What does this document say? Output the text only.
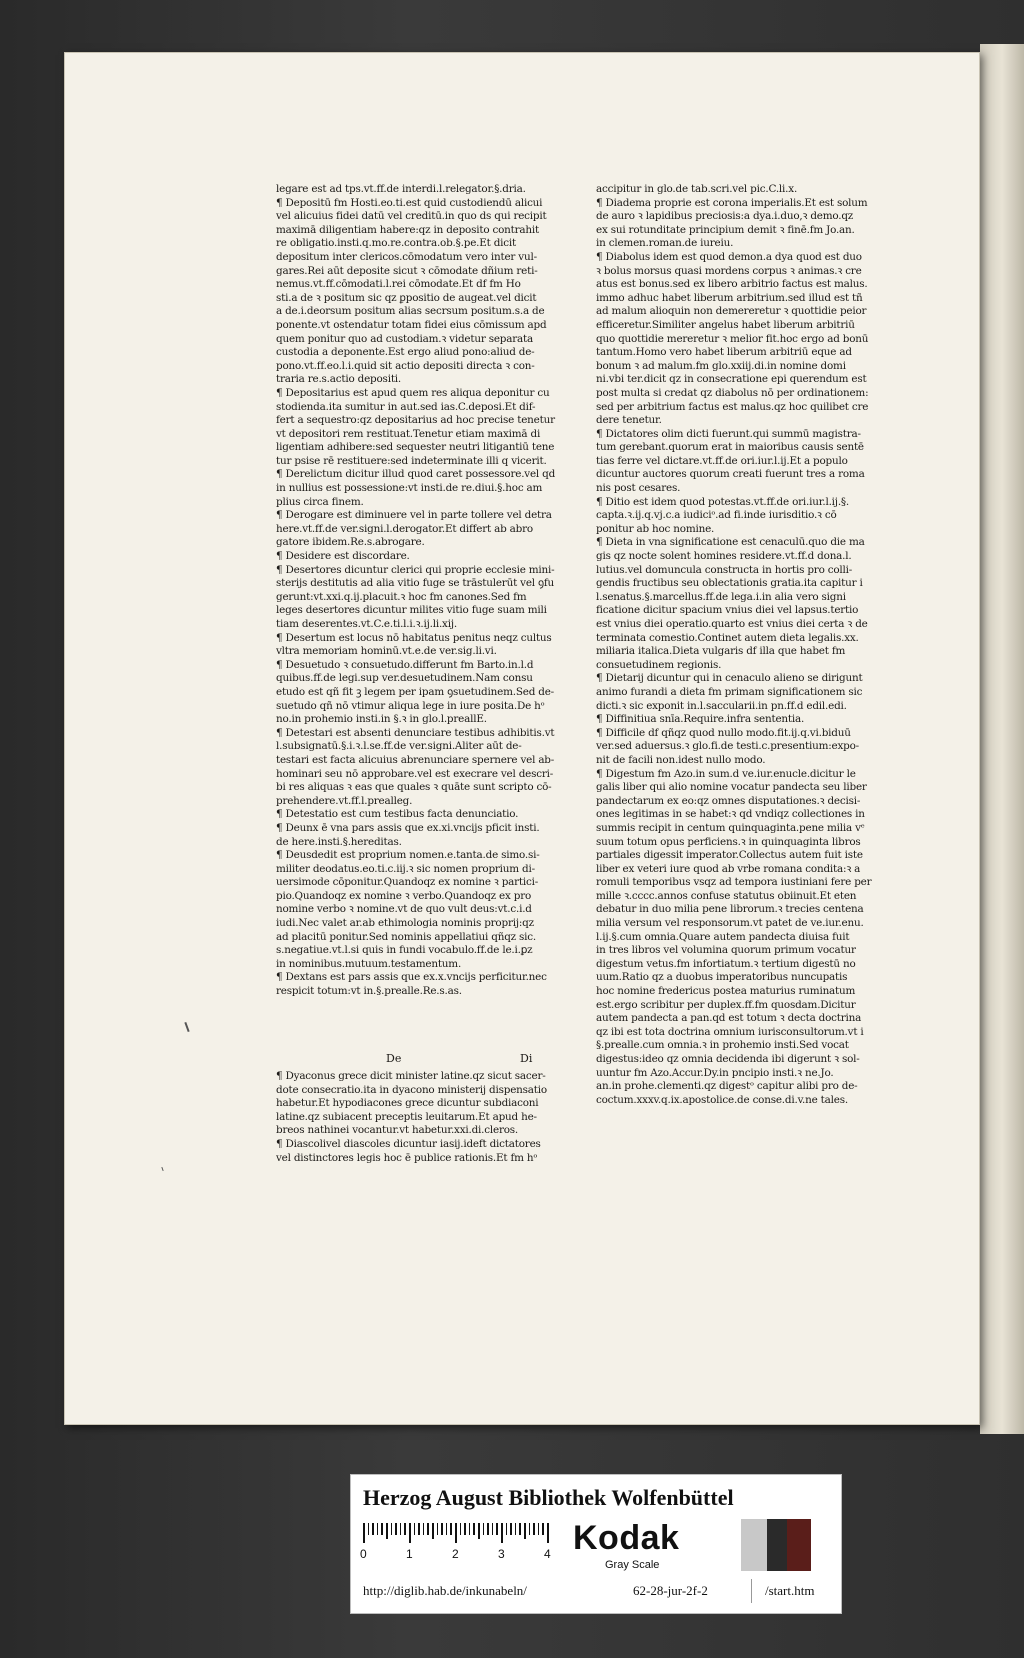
legare est ad tps.vt.ff.de interdi.l.relegator.§.dria.
¶ Depositū fm Hosti.eo.ti.est quid custodiendū alicui
vel alicuius fidei datū vel creditū.in quo ds qui recipit
maximā diligentiam habere:qz in deposito contrahit
re obligatio.insti.q.mo.re.contra.ob.§.pe.Et dicit
depositum inter clericos.cōmodatum vero inter vul-
gares.Rei aūt deposite sicut ꝛ cōmodate dñium reti-
nemus.vt.ff.cōmodati.l.rei cōmodate.Et df fm Ho
sti.a de ꝛ positum sic qz ꝑpositio de augeat.vel dicit
a de.i.deorsum positum alias secrsum positum.s.a de
ponente.vt ostendatur totam fidei eius cōmissum apd
quem ponitur quo ad custodiam.ꝛ videtur separata
custodia a deponente.Est ergo aliud pono:aliud de-
pono.vt.ff.eo.l.i.quid sit actio depositi directa ꝛ con-
traria re.s.actio depositi.
¶ Depositarius est apud quem res aliqua deponitur cu
stodienda.ita sumitur in aut.sed ias.C.deposi.Et dif-
fert a sequestro:qz depositarius ad hoc precise tenetur
vt depositori rem restituat.Tenetur etiam maximā di
ligentiam adhibere:sed sequester neutri litigantiū tene
tur psise rē restituere:sed indeterminate illi q vicerit.
¶ Derelictum dicitur illud quod caret possessore.vel qd
in nullius est possessione:vt insti.de re.diui.§.hoc am
plius circa finem.
¶ Derogare est diminuere vel in parte tollere vel detra
here.vt.ff.de ver.signi.l.derogator.Et differt ab abro
gatore ibidem.Re.s.abrogare.
¶ Desidere est discordare.
¶ Desertores dicuntur clerici qui proprie ecclesie mini-
sterijs destitutis ad alia vitio fuge se trāstulerūt vel ꝯfu
gerunt:vt.xxi.q.ij.placuit.ꝛ hoc fm canones.Sed fm
leges desertores dicuntur milites vitio fuge suam mili
tiam deserentes.vt.C.e.ti.l.i.ꝛ.ij.li.xij.
¶ Desertum est locus nō habitatus penitus neqz cultus
vltra memoriam hominū.vt.e.de ver.sig.li.vi.
¶ Desuetudo ꝛ consuetudo.differunt fm Barto.in.l.d
quibus.ff.de legi.sup ver.desuetudinem.Nam consu
etudo est qñ fit ꝫ legem per ipam ꝯsuetudinem.Sed de-
suetudo qñ nō vtimur aliqua lege in iure posita.De hᵒ
no.in prohemio insti.in §.ꝛ in glo.l.preallE.
¶ Detestari est absenti denunciare testibus adhibitis.vt
l.subsignatū.§.i.ꝛ.l.se.ff.de ver.signi.Aliter aūt de-
testari est facta alicuius abrenunciare spernere vel ab-
hominari seu nō approbare.vel est execrare vel descri-
bi res aliquas ꝛ eas que quales ꝛ quāte sunt scripto cō-
prehendere.vt.ff.l.prealleg.
¶ Detestatio est cum testibus facta denunciatio.
¶ Deunx ē vna pars assis que ex.xi.vncijs pficit insti.
de here.insti.§.hereditas.
¶ Deusdedit est proprium nomen.e.tanta.de simo.si-
militer deodatus.eo.ti.c.iij.ꝛ sic nomen proprium di-
uersimode cōponitur.Quandoqz ex nomine ꝛ partici-
pio.Quandoqz ex nomine ꝛ verbo.Quandoqz ex pro
nomine verbo ꝛ nomine.vt de quo vult deus:vt.c.i.d
iudi.Nec valet ar.ab ethimologia nominis proprij:qz
ad placitū ponitur.Sed nominis appellatiui qñqz sic.
s.negatiue.vt.l.si quis in fundi vocabulo.ff.de le.i.ꝑz
in nominibus.mutuum.testamentum.
¶ Dextans est pars assis que ex.x.vncijs perficitur.nec
respicit totum:vt in.§.prealle.Re.s.as.
De	Di
¶ Dyaconus grece dicit minister latine.qz sicut sacer-
dote consecratio.ita in dyacono ministerij dispensatio
habetur.Et hypodiacones grece dicuntur subdiaconi
latine.qz subiacent preceptis leuitarum.Et apud he-
breos nathinei vocantur.vt habetur.xxi.di.cleros.
¶ Diascolivel diascoles dicuntur iasij.ideft dictatores
vel distinctores legis hoc ē publice rationis.Et fm hᵒ
accipitur in glo.de tab.scri.vel pic.C.li.x.
¶ Diadema proprie est corona imperialis.Et est solum
de auro ꝛ lapidibus preciosis:a dya.i.duo,ꝛ demo.qz
ex sui rotunditate principium demit ꝛ finē.fm Jo.an.
in clemen.roman.de iureiu.
¶ Diabolus idem est quod demon.a dya quod est duo
ꝛ bolus morsus quasi mordens corpus ꝛ animas.ꝛ cre
atus est bonus.sed ex libero arbitrio factus est malus.
immo adhuc habet liberum arbitrium.sed illud est tñ
ad malum alioquin non demereretur ꝛ quottidie peior
efficeretur.Similiter angelus habet liberum arbitriū
quo quottidie mereretur ꝛ melior fit.hoc ergo ad bonū
tantum.Homo vero habet liberum arbitriū eque ad
bonum ꝛ ad malum.fm glo.xxiij.di.in nomine domi
ni.vbi ter.dicit qz in consecratione epi querendum est
post multa si credat qz diabolus nō per ordinationem:
sed per arbitrium factus est malus.qz hoc quilibet cre
dere tenetur.
¶ Dictatores olim dicti fuerunt.qui summū magistra-
tum gerebant.quorum erat in maioribus causis sentē
tias ferre vel dictare.vt.ff.de ori.iur.l.ij.Et a populo
dicuntur auctores quorum creati fuerunt tres a roma
nis post cesares.
¶ Ditio est idem quod potestas.vt.ff.de ori.iur.l.ij.§.
capta.ꝛ.ij.q.vj.c.a iudiciᵒ.ad fi.inde iurisditio.ꝛ cō
ponitur ab hoc nomine.
¶ Dieta in vna significatione est cenaculū.quo die ma
gis qz nocte solent homines residere.vt.ff.d dona.l.
lutius.vel domuncula constructa in hortis pro colli-
gendis fructibus seu oblectationis gratia.ita capitur i
l.senatus.§.marcellus.ff.de lega.i.in alia vero signi
ficatione dicitur spacium vnius diei vel lapsus.tertio
est vnius diei operatio.quarto est vnius diei certa ꝛ de
terminata comestio.Continet autem dieta legalis.xx.
miliaria italica.Dieta vulgaris df illa que habet fm
consuetudinem regionis.
¶ Dietarij dicuntur qui in cenaculo alieno se dirigunt
animo furandi a dieta fm primam significationem sic
dicti.ꝛ sic exponit in.l.saccularii.in pn.ff.d edil.edi.
¶ Diffinitiua snīa.Require.infra sententia.
¶ Difficile df qñqz quod nullo modo.fit.ij.q.vi.biduū
ver.sed aduersus.ꝛ glo.fi.de testi.c.presentium:expo-
nit de facili non.idest nullo modo.
¶ Digestum fm Azo.in sum.d ve.iur.enucle.dicitur le
galis liber qui alio nomine vocatur pandecta seu liber
pandectarum ex eo:qz omnes disputationes.ꝛ decisi-
ones legitimas in se habet:ꝛ qd vndiqz collectiones in
summis recipit in centum quinquaginta.pene milia vᵉ
suum totum opus perficiens.ꝛ in quinquaginta libros
partiales digessit imperator.Collectus autem fuit iste
liber ex veteri iure quod ab vrbe romana condita:ꝛ a
romuli temporibus vsqz ad tempora iustiniani fere per
mille ꝛ.cccc.annos confuse statutus obiinuit.Et eten
debatur in duo milia pene librorum.ꝛ trecies centena
milia versum vel responsorum.vt patet de ve.iur.enu.
l.ij.§.cum omnia.Quare autem pandecta diuisa fuit
in tres libros vel volumina quorum primum vocatur
digestum vetus.fm infortiatum.ꝛ tertium digestū no
uum.Ratio qz a duobus imperatoribus nuncupatis
hoc nomine fredericus postea maturius ruminatum
est.ergo scribitur per duplex.ff.fm quosdam.Dicitur
autem pandecta a pan.qd est totum ꝛ decta doctrina
qz ibi est tota doctrina omnium iurisconsultorum.vt i
§.prealle.cum omnia.ꝛ in prohemio insti.Sed vocat
digestus:ideo qz omnia decidenda ibi digerunt ꝛ sol-
uuntur fm Azo.Accur.Dy.in pncipio insti.ꝛ ne.Jo.
an.in prohe.clementi.qz digestᵒ capitur alibi pro de-
coctum.xxxv.q.ix.apostolice.de conse.di.v.ne tales.
Herzog August Bibliothek Wolfenbüttel
0	1	2	3	4 Kodak
Gray Scale
http://diglib.hab.de/inkunabeln/	62-28-jur-2f-2	/start.htm
